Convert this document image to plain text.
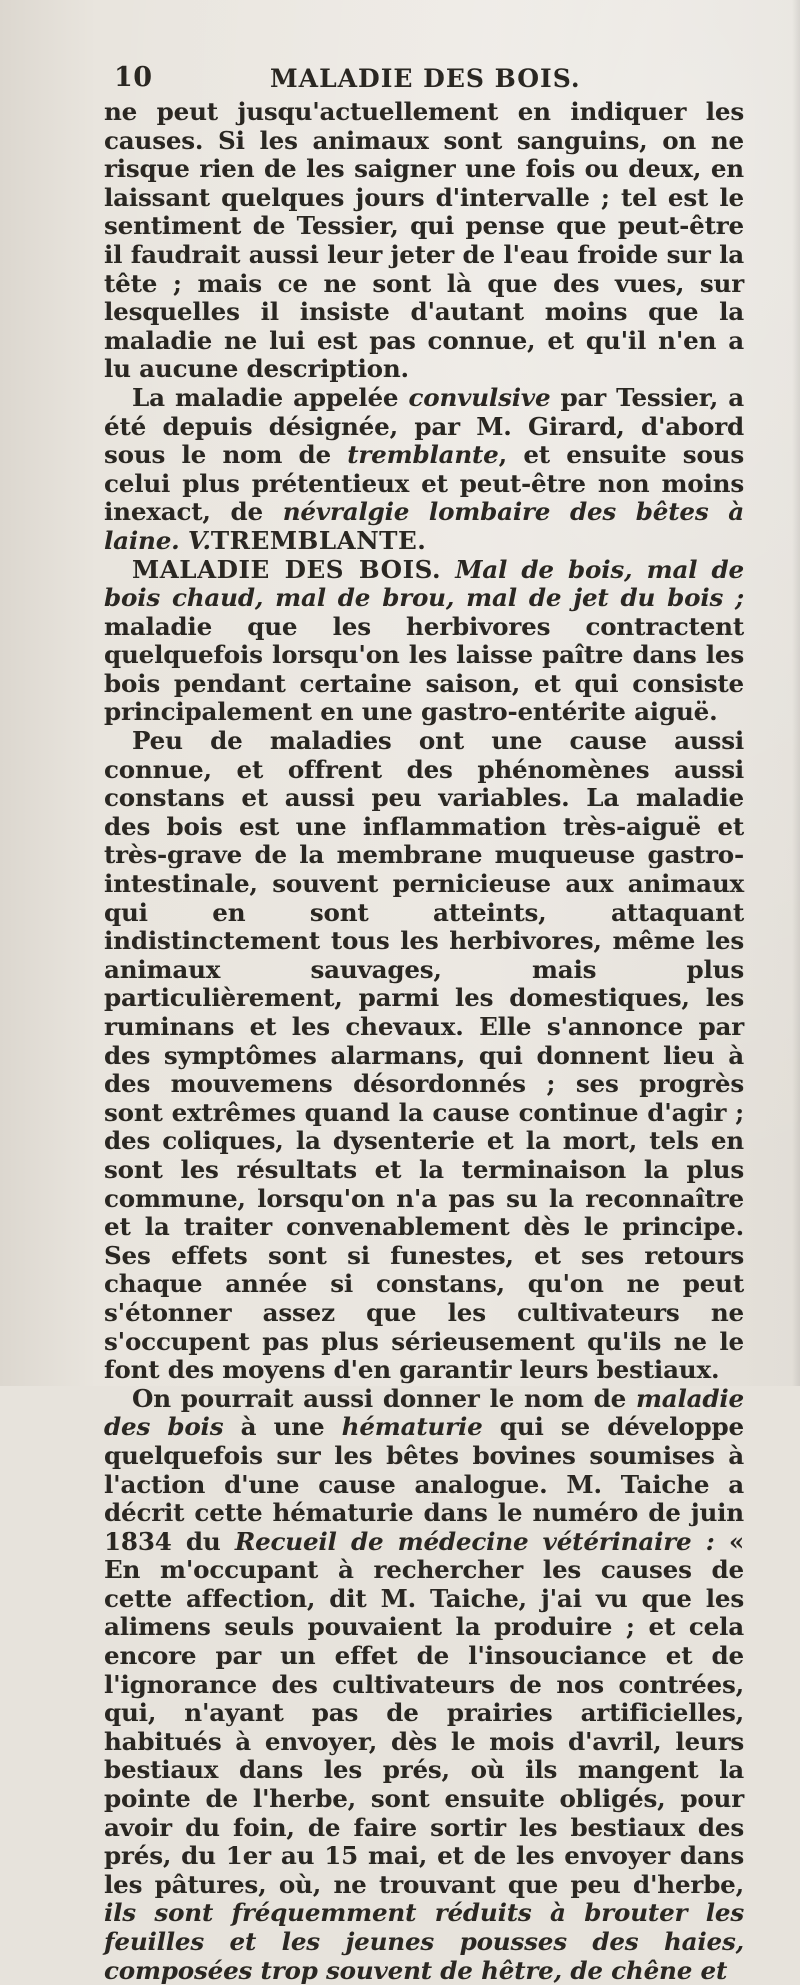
10	MALADIE DES BOIS.

ne peut jusqu'actuellement en indiquer les causes. Si les animaux sont sanguins, on ne risque rien de les saigner une fois ou deux, en laissant quelques jours d'intervalle ; tel est le sentiment de Tessier, qui pense que peut-être il faudrait aussi leur jeter de l'eau froide sur la tête ; mais ce ne sont là que des vues, sur lesquelles il insiste d'autant moins que la maladie ne lui est pas connue, et qu'il n'en a lu aucune description.

La maladie appelée convulsive par Tessier, a été depuis désignée, par M. Girard, d'abord sous le nom de tremblante, et ensuite sous celui plus prétentieux et peut-être non moins inexact, de névralgie lombaire des bêtes à laine. V.TREMBLANTE.

MALADIE DES BOIS. Mal de bois, mal de bois chaud, mal de brou, mal de jet du bois ; maladie que les herbivores contractent quelquefois lorsqu'on les laisse paître dans les bois pendant certaine saison, et qui consiste principalement en une gastro-entérite aiguë.

Peu de maladies ont une cause aussi connue, et offrent des phénomènes aussi constans et aussi peu variables. La maladie des bois est une inflammation très-aiguë et très-grave de la membrane muqueuse gastro-intestinale, souvent pernicieuse aux animaux qui en sont atteints, attaquant indistinctement tous les herbivores, même les animaux sauvages, mais plus particulièrement, parmi les domestiques, les ruminans et les chevaux. Elle s'annonce par des symptômes alarmans, qui donnent lieu à des mouvemens désordonnés ; ses progrès sont extrêmes quand la cause continue d'agir ; des coliques, la dysenterie et la mort, tels en sont les résultats et la terminaison la plus commune, lorsqu'on n'a pas su la reconnaître et la traiter convenablement dès le principe. Ses effets sont si funestes, et ses retours chaque année si constans, qu'on ne peut s'étonner assez que les cultivateurs ne s'occupent pas plus sérieusement qu'ils ne le font des moyens d'en garantir leurs bestiaux.

On pourrait aussi donner le nom de maladie des bois à une hématurie qui se développe quelquefois sur les bêtes bovines soumises à l'action d'une cause analogue. M. Taiche a décrit cette hématurie dans le numéro de juin 1834 du Recueil de médecine vétérinaire : « En m'occupant à rechercher les causes de cette affection, dit M. Taiche, j'ai vu que les alimens seuls pouvaient la produire ; et cela encore par un effet de l'insouciance et de l'ignorance des cultivateurs de nos contrées, qui, n'ayant pas de prairies artificielles, habitués à envoyer, dès le mois d'avril, leurs bestiaux dans les prés, où ils mangent la pointe de l'herbe, sont ensuite obligés, pour avoir du foin, de faire sortir les bestiaux des prés, du 1er au 15 mai, et de les envoyer dans les pâtures, où, ne trouvant que peu d'herbe, ils sont fréquemment réduits à brouter les feuilles et les jeunes pousses des haies, composées trop souvent de hêtre, de chêne et
